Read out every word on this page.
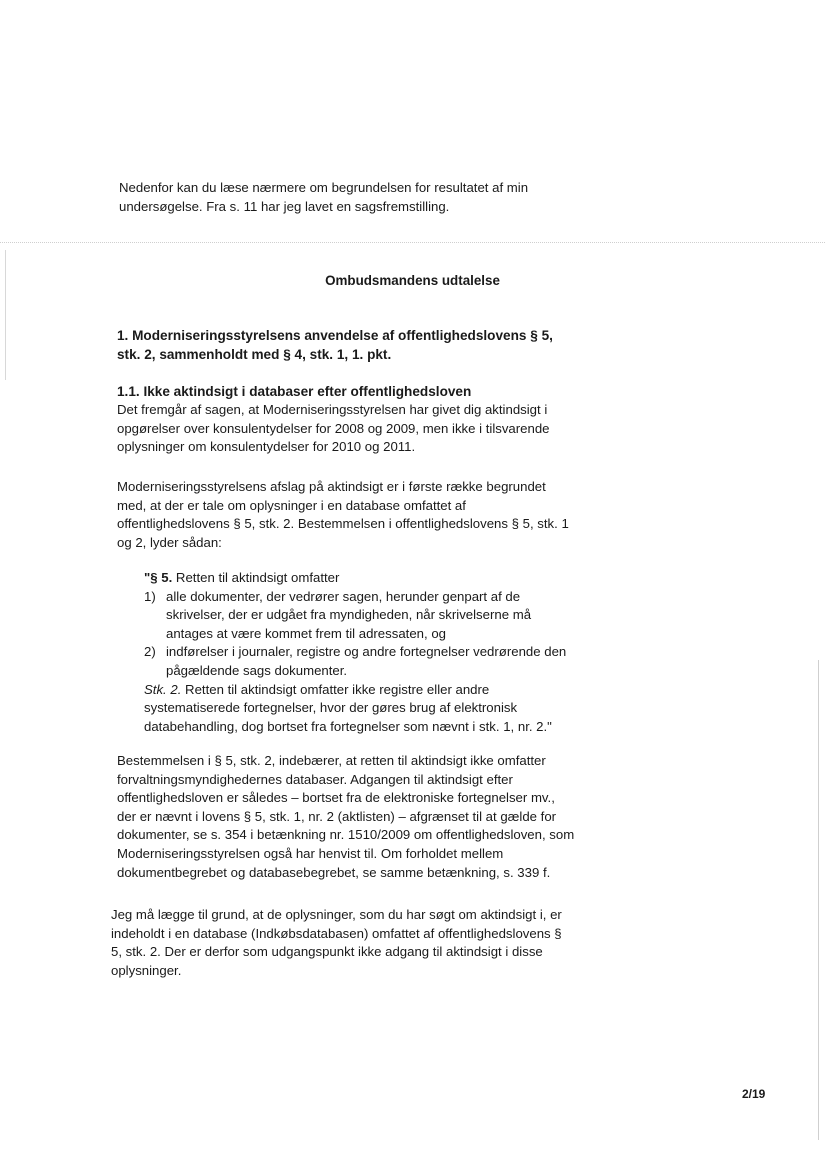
Nedenfor kan du læse nærmere om begrundelsen for resultatet af min undersøgelse. Fra s. 11 har jeg lavet en sagsfremstilling.

Ombudsmandens udtalelse

1. Moderniseringsstyrelsens anvendelse af offentlighedslovens § 5, stk. 2, sammenholdt med § 4, stk. 1, 1. pkt.

1.1. Ikke aktindsigt i databaser efter offentlighedsloven

Det fremgår af sagen, at Moderniseringsstyrelsen har givet dig aktindsigt i opgørelser over konsulentydelser for 2008 og 2009, men ikke i tilsvarende oplysninger om konsulentydelser for 2010 og 2011.

Moderniseringsstyrelsens afslag på aktindsigt er i første række begrundet med, at der er tale om oplysninger i en database omfattet af offentlighedslovens § 5, stk. 2. Bestemmelsen i offentlighedslovens § 5, stk. 1 og 2, lyder sådan:

"§ 5. Retten til aktindsigt omfatter

1) alle dokumenter, der vedrører sagen, herunder genpart af de skrivelser, der er udgået fra myndigheden, når skrivelserne må antages at være kommet frem til adressaten, og

2) indførelser i journaler, registre og andre fortegnelser vedrørende den pågældende sags dokumenter.

Stk. 2. Retten til aktindsigt omfatter ikke registre eller andre systematiserede fortegnelser, hvor der gøres brug af elektronisk databehandling, dog bortset fra fortegnelser som nævnt i stk. 1, nr. 2."

Bestemmelsen i § 5, stk. 2, indebærer, at retten til aktindsigt ikke omfatter forvaltningsmyndighedernes databaser. Adgangen til aktindsigt efter offentlighedsloven er således – bortset fra de elektroniske fortegnelser mv., der er nævnt i lovens § 5, stk. 1, nr. 2 (aktlisten) – afgrænset til at gælde for dokumenter, se s. 354 i betænkning nr. 1510/2009 om offentlighedsloven, som Moderniseringsstyrelsen også har henvist til. Om forholdet mellem dokumentbegrebet og databasebegrebet, se samme betænkning, s. 339 f.

Jeg må lægge til grund, at de oplysninger, som du har søgt om aktindsigt i, er indeholdt i en database (Indkøbsdatabasen) omfattet af offentlighedslovens § 5, stk. 2. Der er derfor som udgangspunkt ikke adgang til aktindsigt i disse oplysninger.

2/19
